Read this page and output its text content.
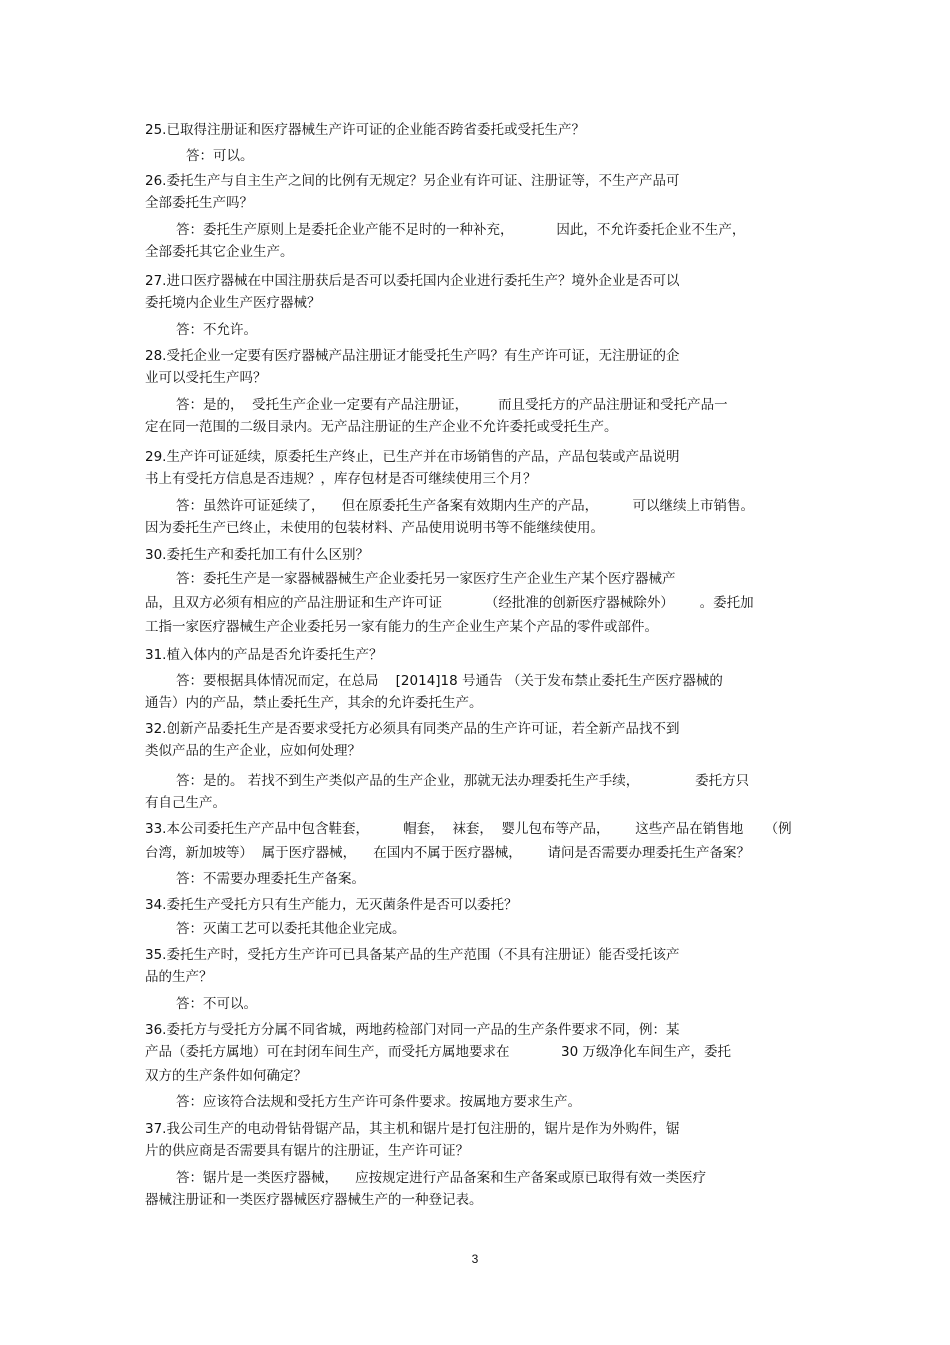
25.已取得注册证和医疗器械生产许可证的企业能否跨省委托或受托生产？
答：可以。
26.委托生产与自主生产之间的比例有无规定？另企业有许可证、注册证等，不生产产品可
全部委托生产吗？
答：委托生产原则上是委托企业产能不足时的一种补充，          因此，不允许委托企业不生产，
全部委托其它企业生产。
27.进口医疗器械在中国注册获后是否可以委托国内企业进行委托生产？境外企业是否可以
委托境内企业生产医疗器械？
答：不允许。
28.受托企业一定要有医疗器械产品注册证才能受托生产吗？有生产许可证，无注册证的企
业可以受托生产吗？
答：是的，  受托生产企业一定要有产品注册证，       而且受托方的产品注册证和受托产品一
定在同一范围的二级目录内。无产品注册证的生产企业不允许委托或受托生产。
29.生产许可证延续，原委托生产终止，已生产并在市场销售的产品，产品包装或产品说明
书上有受托方信息是否违规？，库存包材是否可继续使用三个月？
答：虽然许可证延续了，    但在原委托生产备案有效期内生产的产品，        可以继续上市销售。
因为委托生产已终止，未使用的包装材料、产品使用说明书等不能继续使用。
30.委托生产和委托加工有什么区别？
答：委托生产是一家器械器械生产企业委托另一家医疗生产企业生产某个医疗器械产
品，且双方必须有相应的产品注册证和生产许可证          （经批准的创新医疗器械除外）      。委托加
工指一家医疗器械生产企业委托另一家有能力的生产企业生产某个产品的零件或部件。
31.植入体内的产品是否允许委托生产？
答：要根据具体情况而定，在总局    [2014]18 号通告 （关于发布禁止委托生产医疗器械的
通告）内的产品，禁止委托生产，其余的允许委托生产。
32.创新产品委托生产是否要求受托方必须具有同类产品的生产许可证，若全新产品找不到
类似产品的生产企业，应如何处理？
答：是的。 若找不到生产类似产品的生产企业，那就无法办理委托生产手续，             委托方只
有自己生产。
33.本公司委托生产产品中包含鞋套，        帽套，  袜套，  婴儿包布等产品，      这些产品在销售地     （例
台湾，新加坡等）  属于医疗器械，    在国内不属于医疗器械，      请问是否需要办理委托生产备案？
答：不需要办理委托生产备案。
34.委托生产受托方只有生产能力，无灭菌条件是否可以委托？
答：灭菌工艺可以委托其他企业完成。
35.委托生产时，受托方生产许可已具备某产品的生产范围（不具有注册证）能否受托该产
品的生产？
答：不可以。
36.委托方与受托方分属不同省城，两地药检部门对同一产品的生产条件要求不同，例：某
产品（委托方属地）可在封闭车间生产，而受托方属地要求在            30 万级净化车间生产，委托
双方的生产条件如何确定？
答：应该符合法规和受托方生产许可条件要求。按属地方要求生产。
37.我公司生产的电动骨钻骨锯产品，其主机和锯片是打包注册的，锯片是作为外购件，锯
片的供应商是否需要具有锯片的注册证，生产许可证？
答：锯片是一类医疗器械，    应按规定进行产品备案和生产备案或原已取得有效一类医疗
器械注册证和一类医疗器械医疗器械生产的一种登记表。
3
